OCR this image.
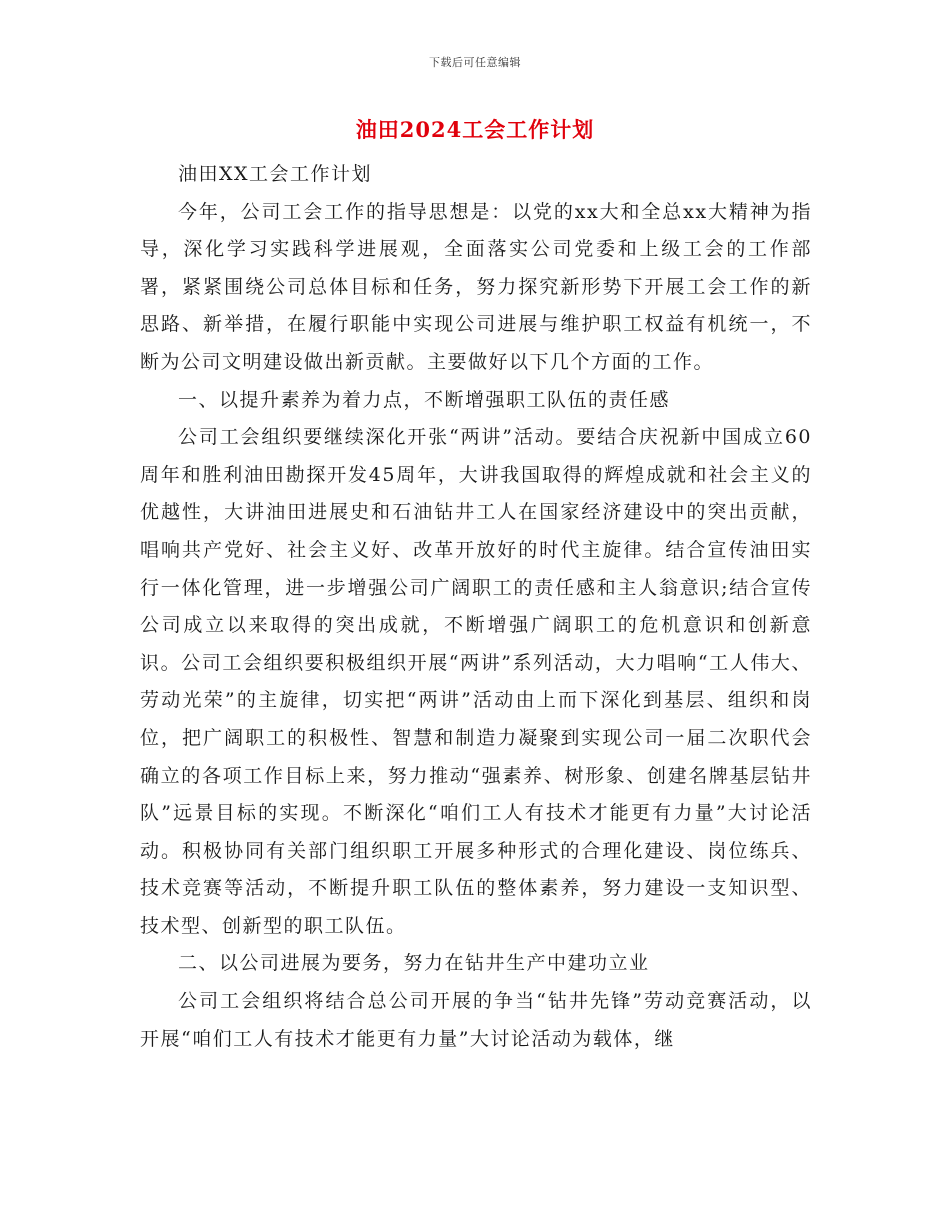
下载后可任意编辑
油田2024工会工作计划

油田XX工会工作计划

今年，公司工会工作的指导思想是：以党的xx大和全总xx大精神为指导，深化学习实践科学进展观，全面落实公司党委和上级工会的工作部署，紧紧围绕公司总体目标和任务，努力探究新形势下开展工会工作的新思路、新举措，在履行职能中实现公司进展与维护职工权益有机统一，不断为公司文明建设做出新贡献。主要做好以下几个方面的工作。

一、以提升素养为着力点，不断增强职工队伍的责任感

公司工会组织要继续深化开张“两讲”活动。要结合庆祝新中国成立60周年和胜利油田勘探开发45周年，大讲我国取得的辉煌成就和社会主义的优越性，大讲油田进展史和石油钻井工人在国家经济建设中的突出贡献，唱响共产党好、社会主义好、改革开放好的时代主旋律。结合宣传油田实行一体化管理，进一步增强公司广阔职工的责任感和主人翁意识;结合宣传公司成立以来取得的突出成就，不断增强广阔职工的危机意识和创新意识。公司工会组织要积极组织开展“两讲”系列活动，大力唱响“工人伟大、劳动光荣”的主旋律，切实把“两讲”活动由上而下深化到基层、组织和岗位，把广阔职工的积极性、智慧和制造力凝聚到实现公司一届二次职代会确立的各项工作目标上来，努力推动“强素养、树形象、创建名牌基层钻井队”远景目标的实现。不断深化“咱们工人有技术才能更有力量”大讨论活动。积极协同有关部门组织职工开展多种形式的合理化建设、岗位练兵、技术竞赛等活动，不断提升职工队伍的整体素养，努力建设一支知识型、技术型、创新型的职工队伍。

二、以公司进展为要务，努力在钻井生产中建功立业

公司工会组织将结合总公司开展的争当“钻井先锋”劳动竞赛活动，以开展“咱们工人有技术才能更有力量”大讨论活动为载体，继
